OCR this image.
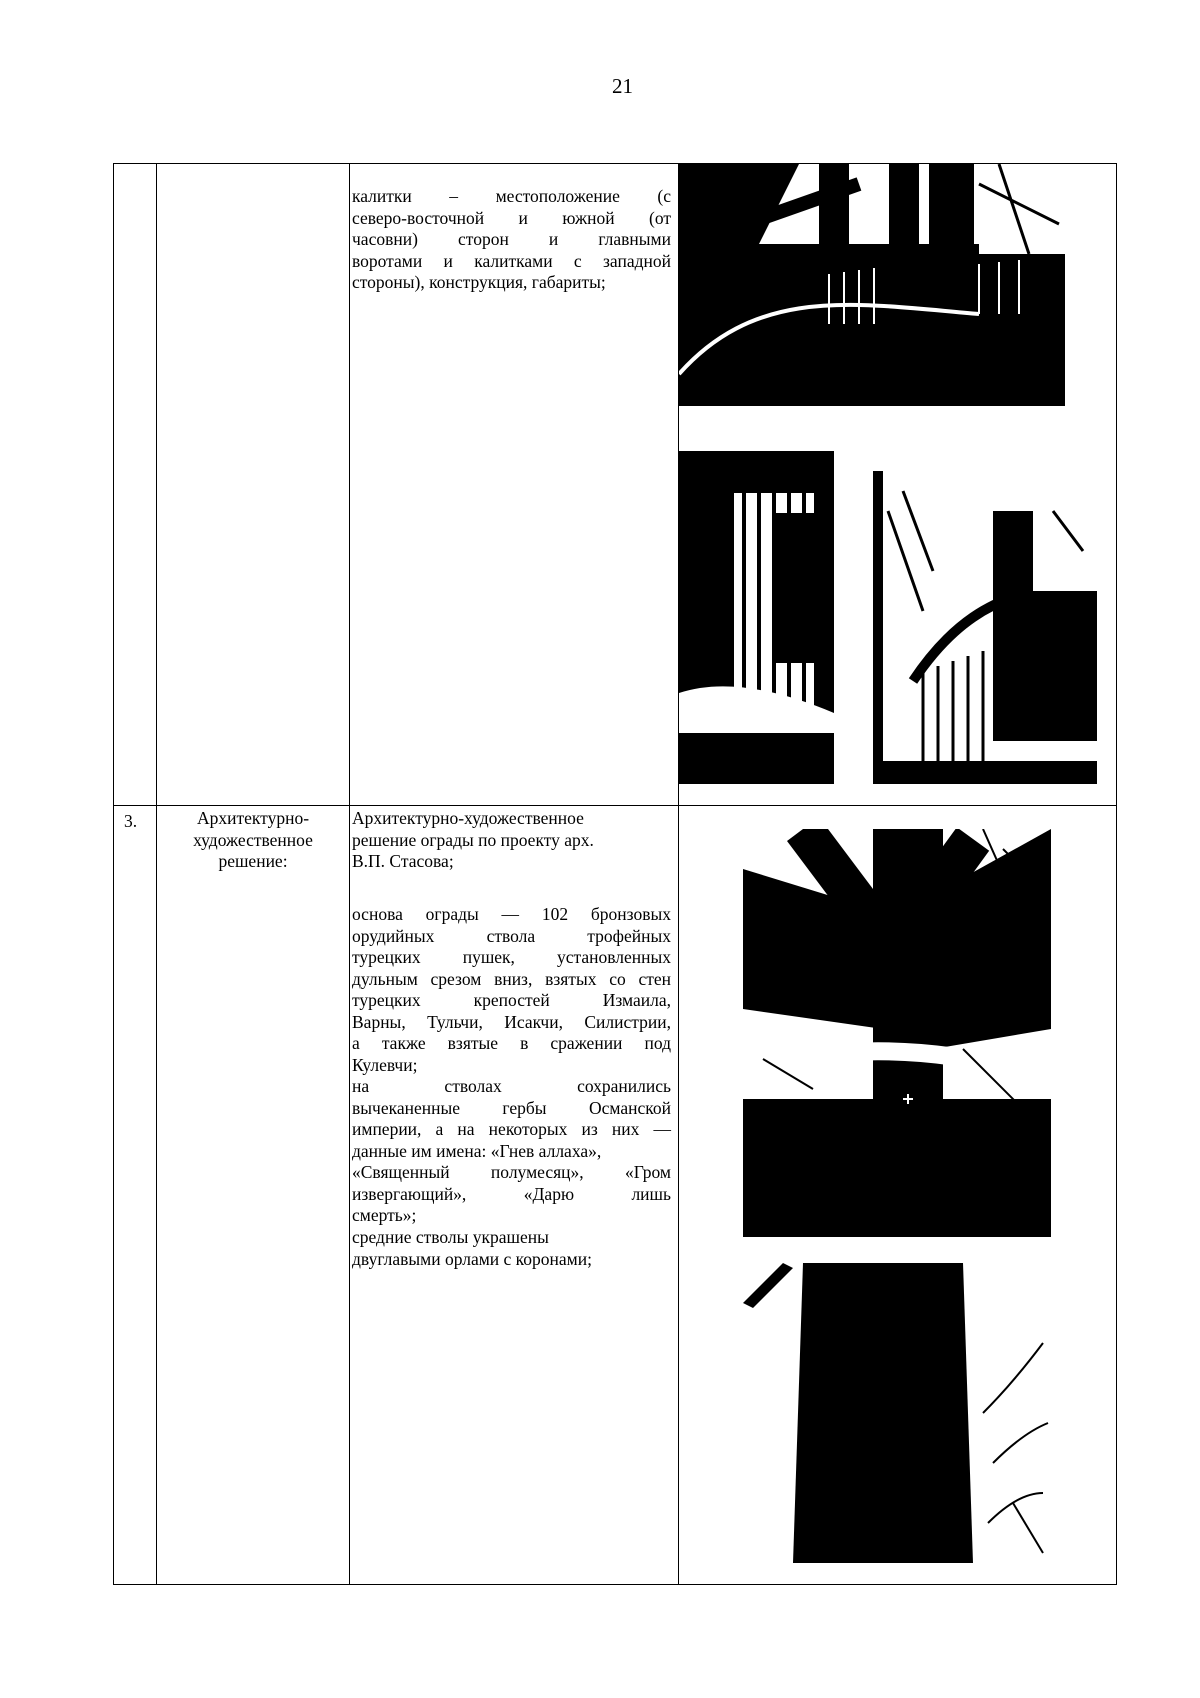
21
калитки – местоположение (с
северо-восточной и южной (от
часовни) сторон и главными
воротами и калитками с западной
стороны), конструкция, габариты;
3.	Архитектурно-
художественное
решение:
Архитектурно-художественное
решение ограды по проекту арх.
В.П. Стасова;
основа ограды — 102 бронзовых
орудийных ствола трофейных
турецких пушек, установленных
дульным срезом вниз, взятых со стен
турецких крепостей Измаила,
Варны, Тульчи, Исакчи, Силистрии,
а также взятые в сражении под
Кулевчи;
на стволах сохранились
вычеканенные гербы Османской
империи, а на некоторых из них —
данные им имена: «Гнев аллаха»,
«Священный полумесяц», «Гром
извергающий», «Дарю лишь
смерть»;
средние стволы украшены
двуглавыми орлами с коронами;
